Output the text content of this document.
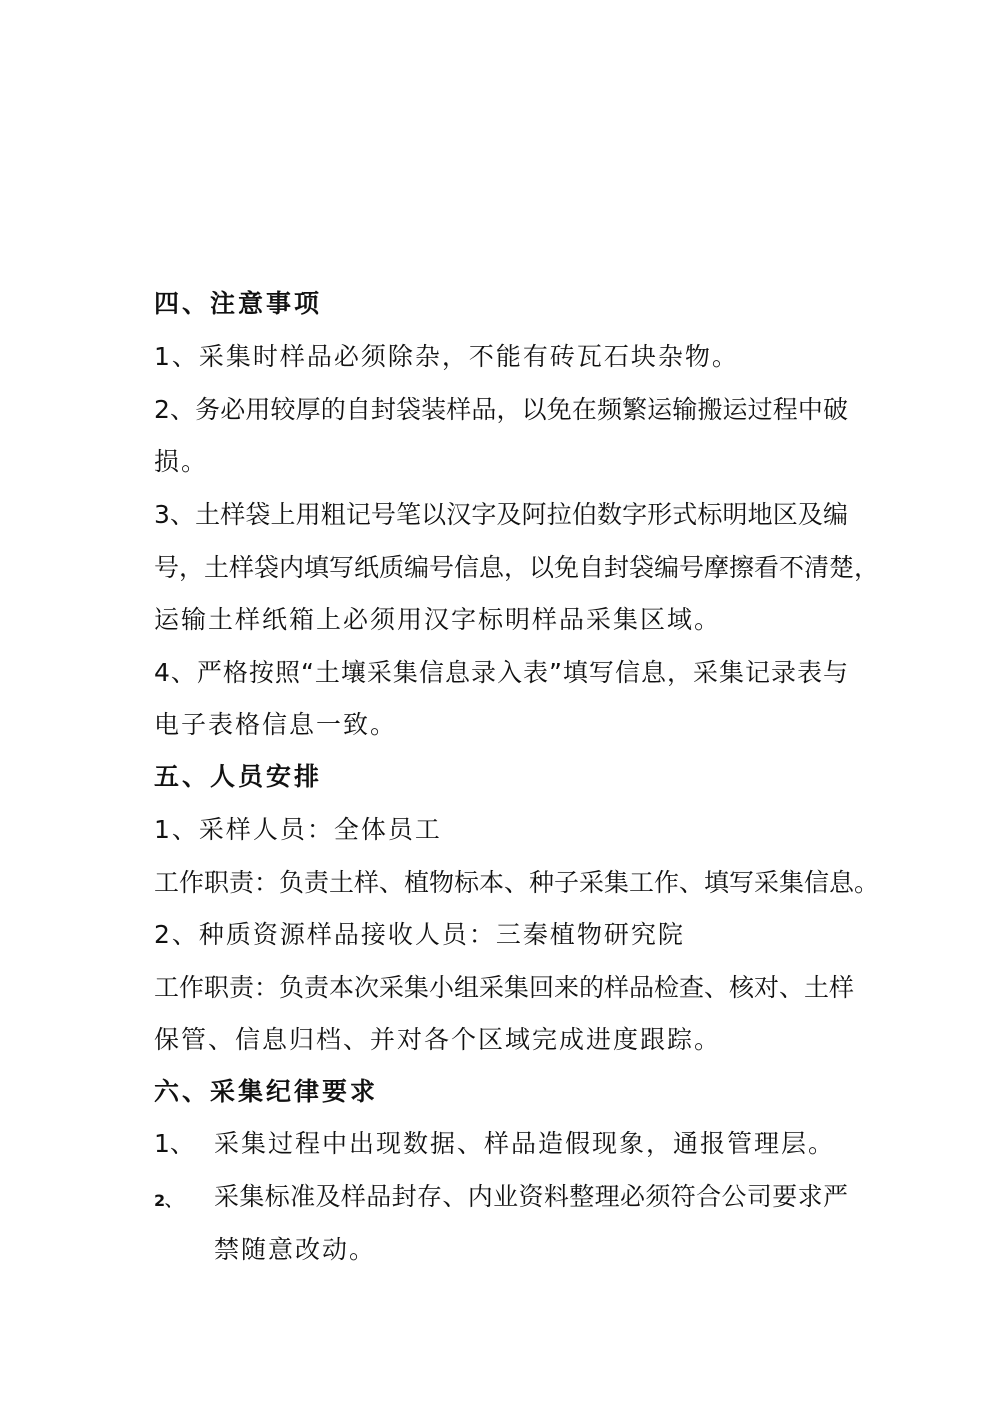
四、注意事项
1、采集时样品必须除杂，不能有砖瓦石块杂物。
2、务必用较厚的自封袋装样品，以免在频繁运输搬运过程中破
损。
3、土样袋上用粗记号笔以汉字及阿拉伯数字形式标明地区及编
号，土样袋内填写纸质编号信息，以免自封袋编号摩擦看不清楚，
运输土样纸箱上必须用汉字标明样品采集区域。
4、严格按照“土壤采集信息录入表”填写信息，采集记录表与
电子表格信息一致。
五、人员安排
1、采样人员：全体员工
工作职责：负责土样、植物标本、种子采集工作、填写采集信息。
2、种质资源样品接收人员：三秦植物研究院
工作职责：负责本次采集小组采集回来的样品检查、核对、土样
保管、信息归档、并对各个区域完成进度跟踪。
六、采集纪律要求
1、 采集过程中出现数据、样品造假现象，通报管理层。
2、 采集标准及样品封存、内业资料整理必须符合公司要求严
禁随意改动。
